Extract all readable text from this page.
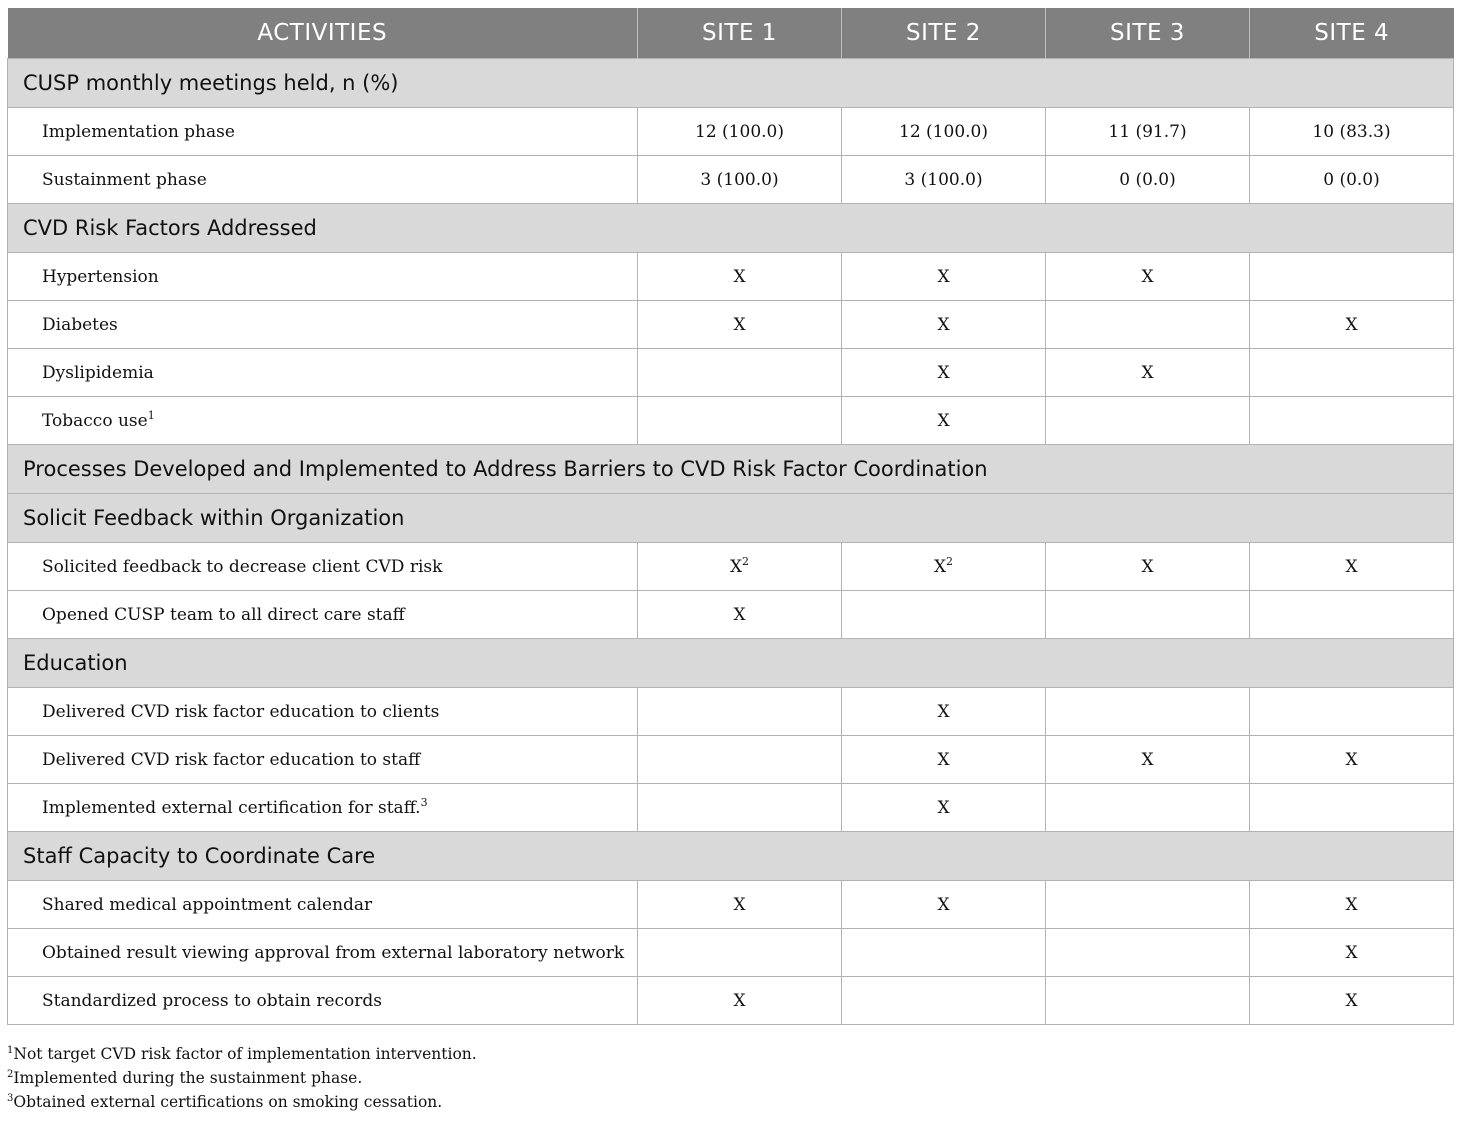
ACTIVITIES	SITE 1	SITE 2	SITE 3	SITE 4
CUSP monthly meetings held, n (%)				
Implementation phase	12 (100.0)	12 (100.0)	11 (91.7)	10 (83.3)
Sustainment phase	3 (100.0)	3 (100.0)	0 (0.0)	0 (0.0)
CVD Risk Factors Addressed				
Hypertension	X	X	X	
Diabetes	X	X		X
Dyslipidemia		X	X	
Tobacco use$^1$		X		
Processes Developed and Implemented to Address Barriers to CVD Risk Factor Coordination				
Solicit Feedback within Organization				
Solicited feedback to decrease client CVD risk	$X^2$	$X^2$	X	X
Opened CUSP team to all direct care staff	X			
Education				
Delivered CVD risk factor education to clients		X		
Delivered CVD risk factor education to staff		X	X	X
Implemented external certification for staff.$^3$		X		
Staff Capacity to Coordinate Care				
Shared medical appointment calendar	X	X		X
Obtained result viewing approval from external laboratory network				X
Standardized process to obtain records	X			X
$^1$Not target CVD risk factor of implementation intervention.
$^2$Implemented during the sustainment phase.
$^3$Obtained external certifications on smoking cessation.
